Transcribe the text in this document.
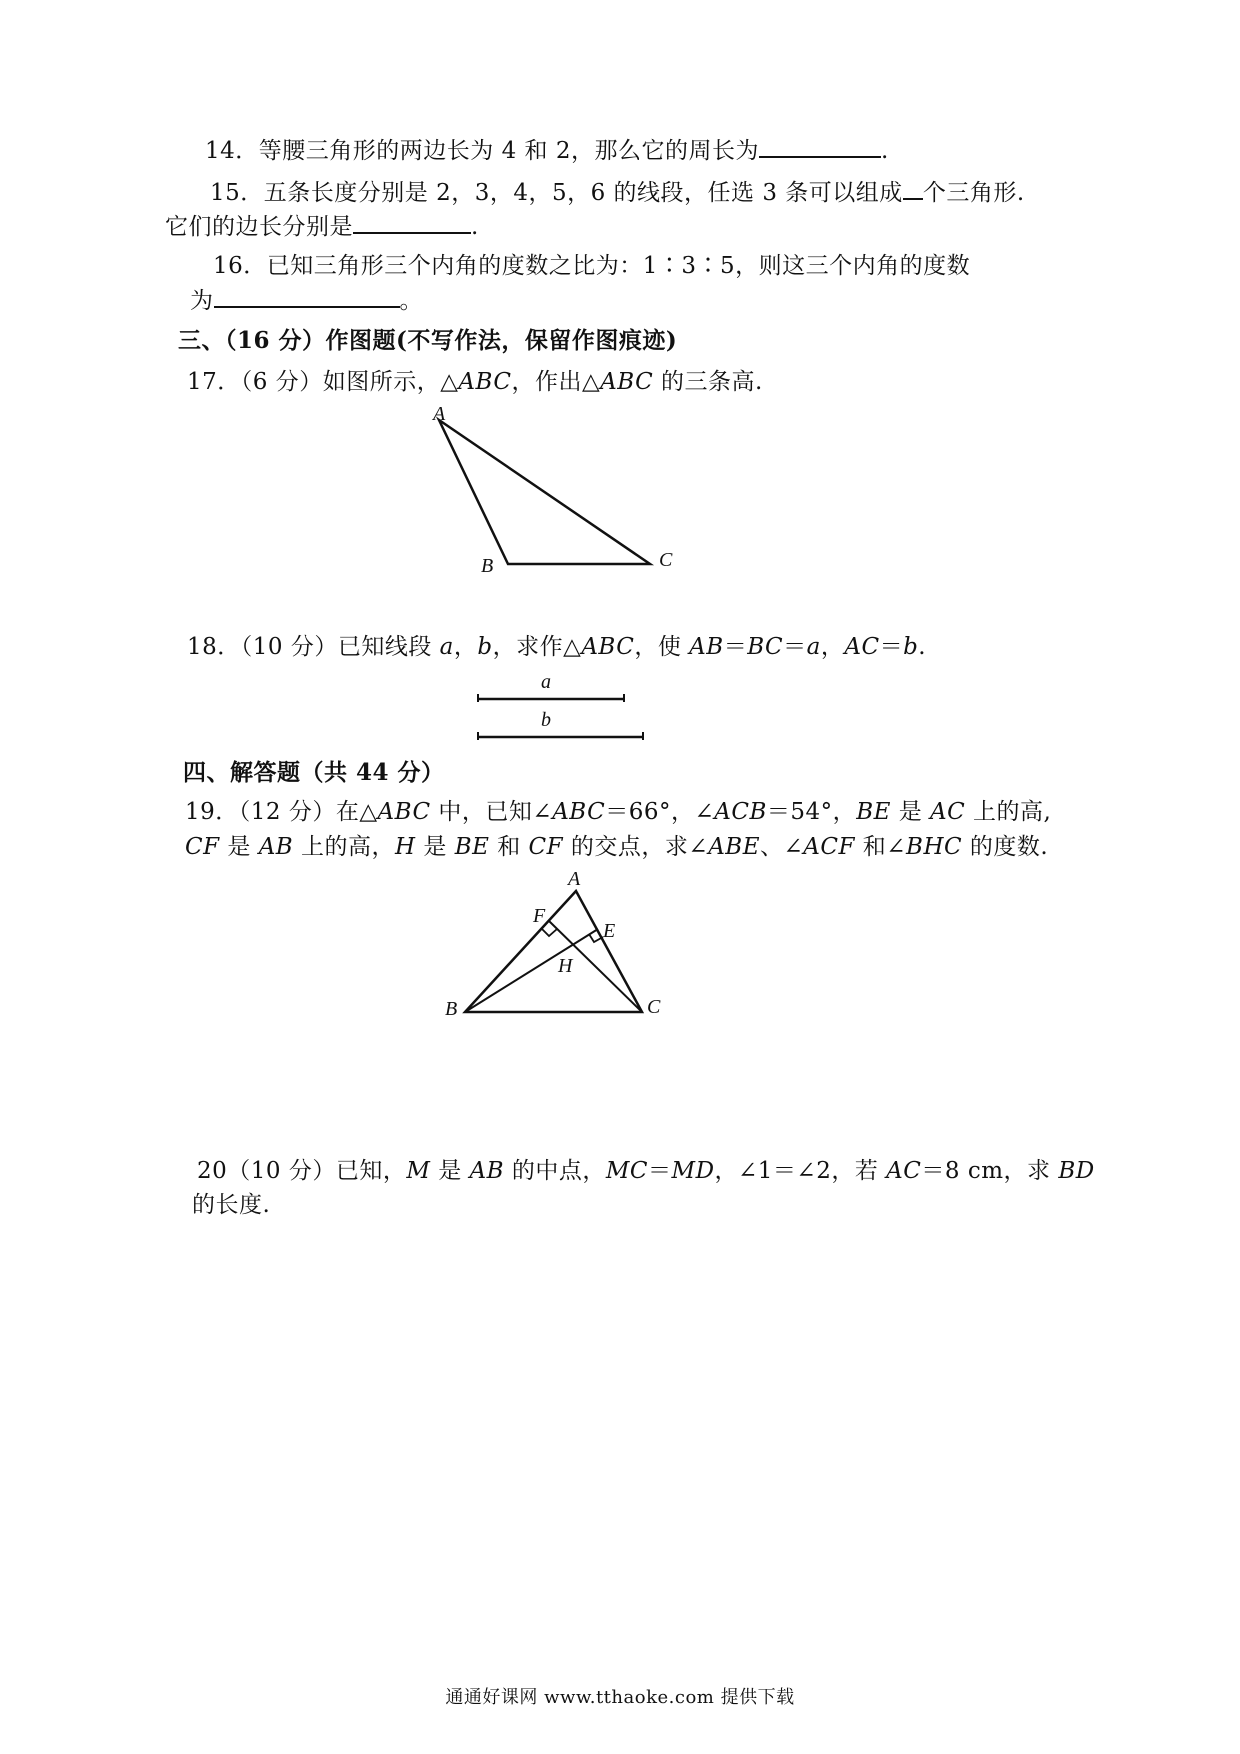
14．等腰三角形的两边长为 4 和 2，那么它的周长为	.
15．五条长度分别是 2，3，4，5，6 的线段，任选 3 条可以组成 个三角形.
它们的边长分别是	.
16．已知三角形三个内角的度数之比为：1∶3∶5，则这三个内角的度数
为	。
三、（16 分）作图题(不写作法，保留作图痕迹)
17．（6 分）如图所示，△ABC，作出△ABC 的三条高.
A
B	C
18．（10 分）已知线段 a，b，求作△ABC，使 AB＝BC＝a，AC＝b.
a
b
四、解答题（共 44 分）
19．（12 分）在△ABC 中，已知∠ABC＝66°，∠ACB＝54°，BE 是 AC 上的高,
CF 是 AB 上的高，H 是 BE 和 CF 的交点，求∠ABE、∠ACF 和∠BHC 的度数.
A
F
E
H
B	C
20（10 分）已知，M 是 AB 的中点，MC＝MD，∠1＝∠2，若 AC＝8 cm，求 BD
的长度.
通通好课网 www.tthaoke.com 提供下载
